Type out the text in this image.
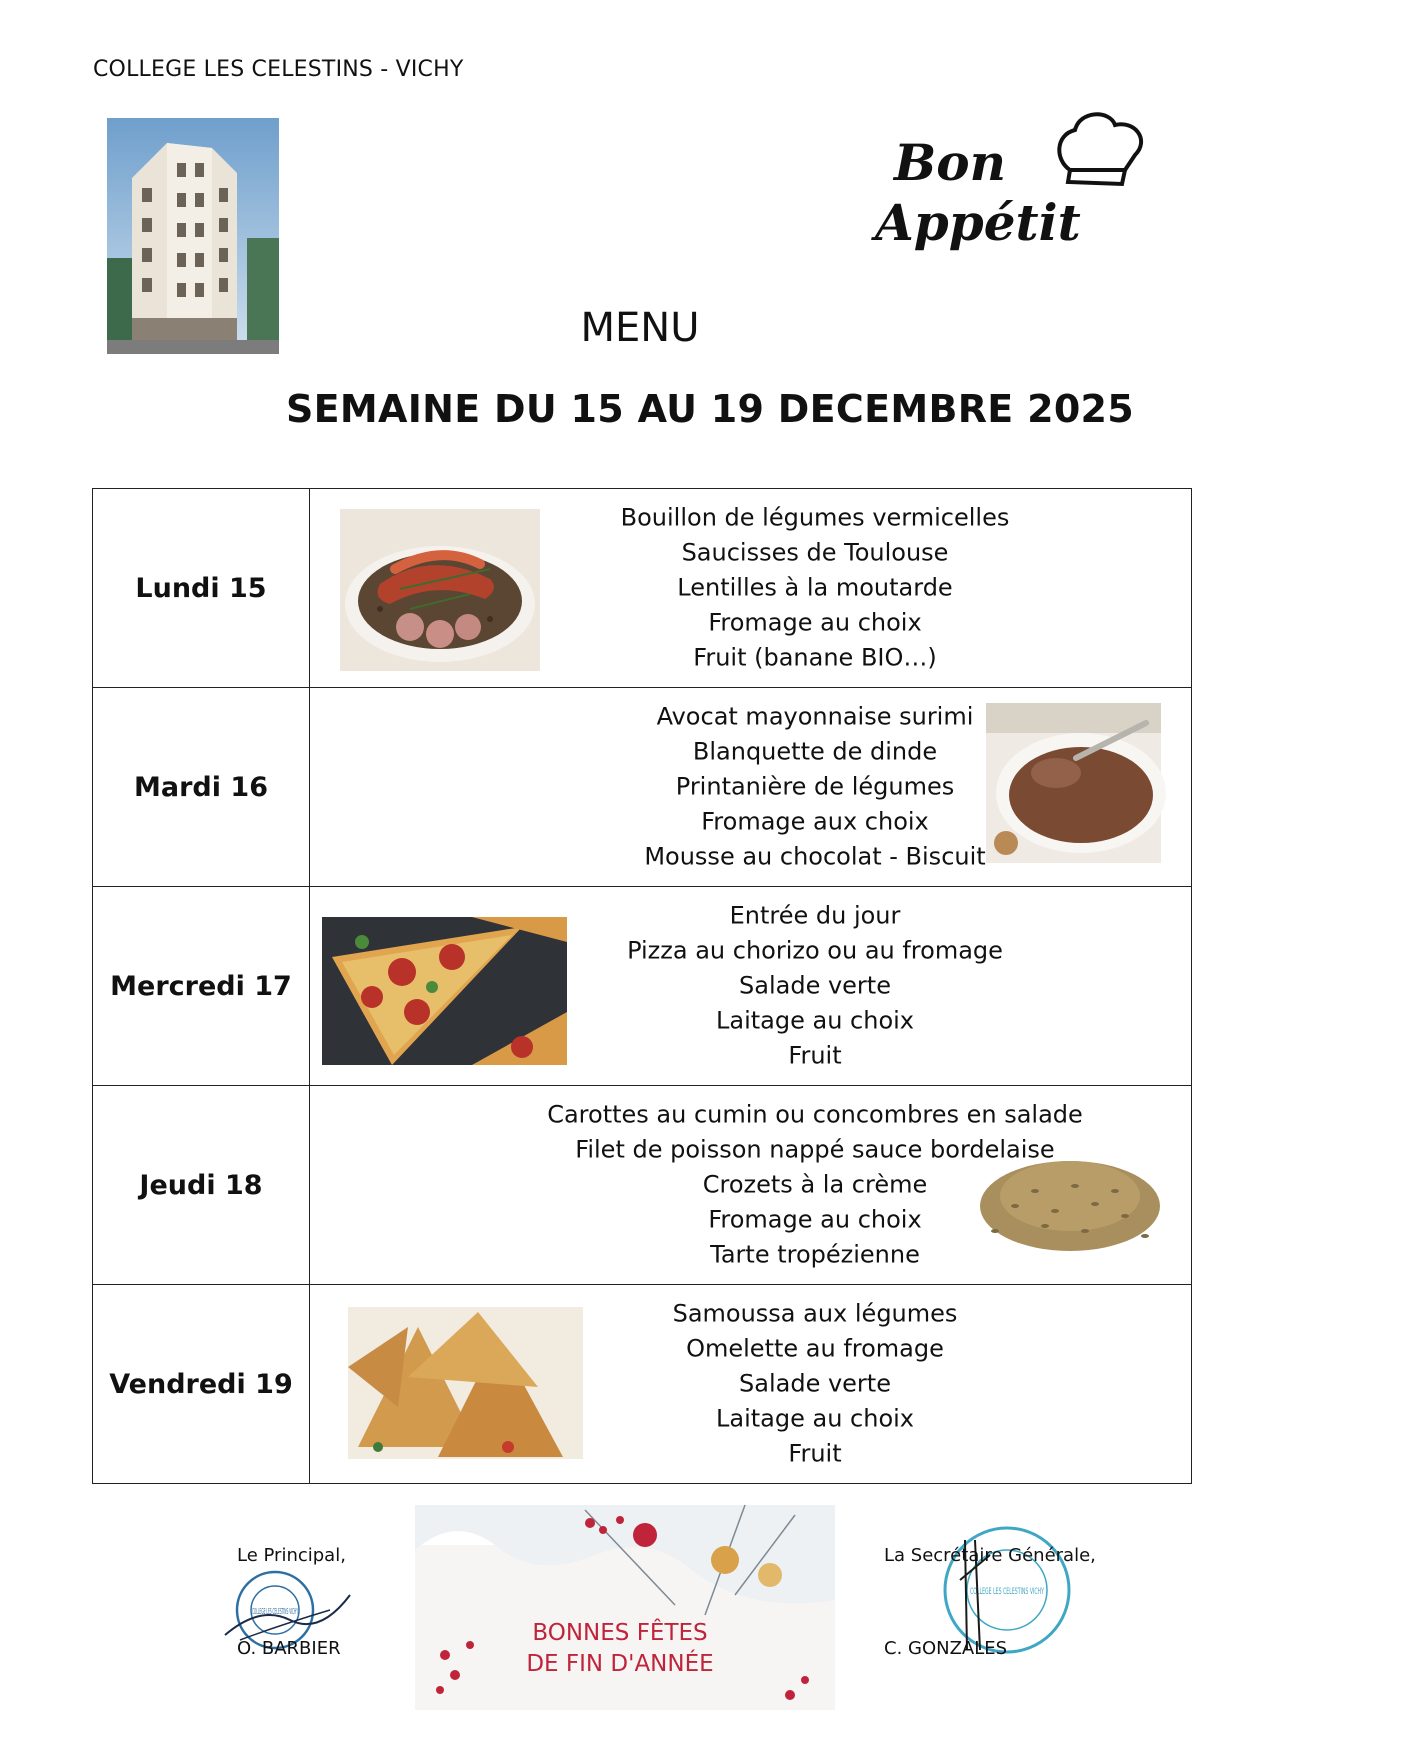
COLLEGE LES CELESTINS - VICHY
Bon
Appétit
MENU
SEMAINE DU 15 AU 19 DECEMBRE 2025
Lundi 15	Bouillon de légumes vermicelles
Saucisses de Toulouse
Lentilles à la moutarde
Fromage au choix
Fruit (banane BIO…)

Mardi 16	Avocat mayonnaise surimi
Blanquette de dinde
Printanière de légumes
Fromage aux choix
Mousse au chocolat - Biscuit

Mercredi 17	Entrée du jour
Pizza au chorizo ou au fromage
Salade verte
Laitage au choix
Fruit

Jeudi 18	Carottes au cumin ou concombres en salade
Filet de poisson nappé sauce bordelaise
Crozets à la crème
Fromage au choix
Tarte tropézienne

Vendredi 19	Samoussa aux légumes
Omelette au fromage
Salade verte
Laitage au choix
Fruit
Le Principal,
COLLEGE LES CELESTINS VICHY
O. BARBIER
BONNES FÊTES
DE FIN D'ANNÉE
COLLEGE LES CELESTINS VICHY
La Secrétaire Générale,
C. GONZALES
